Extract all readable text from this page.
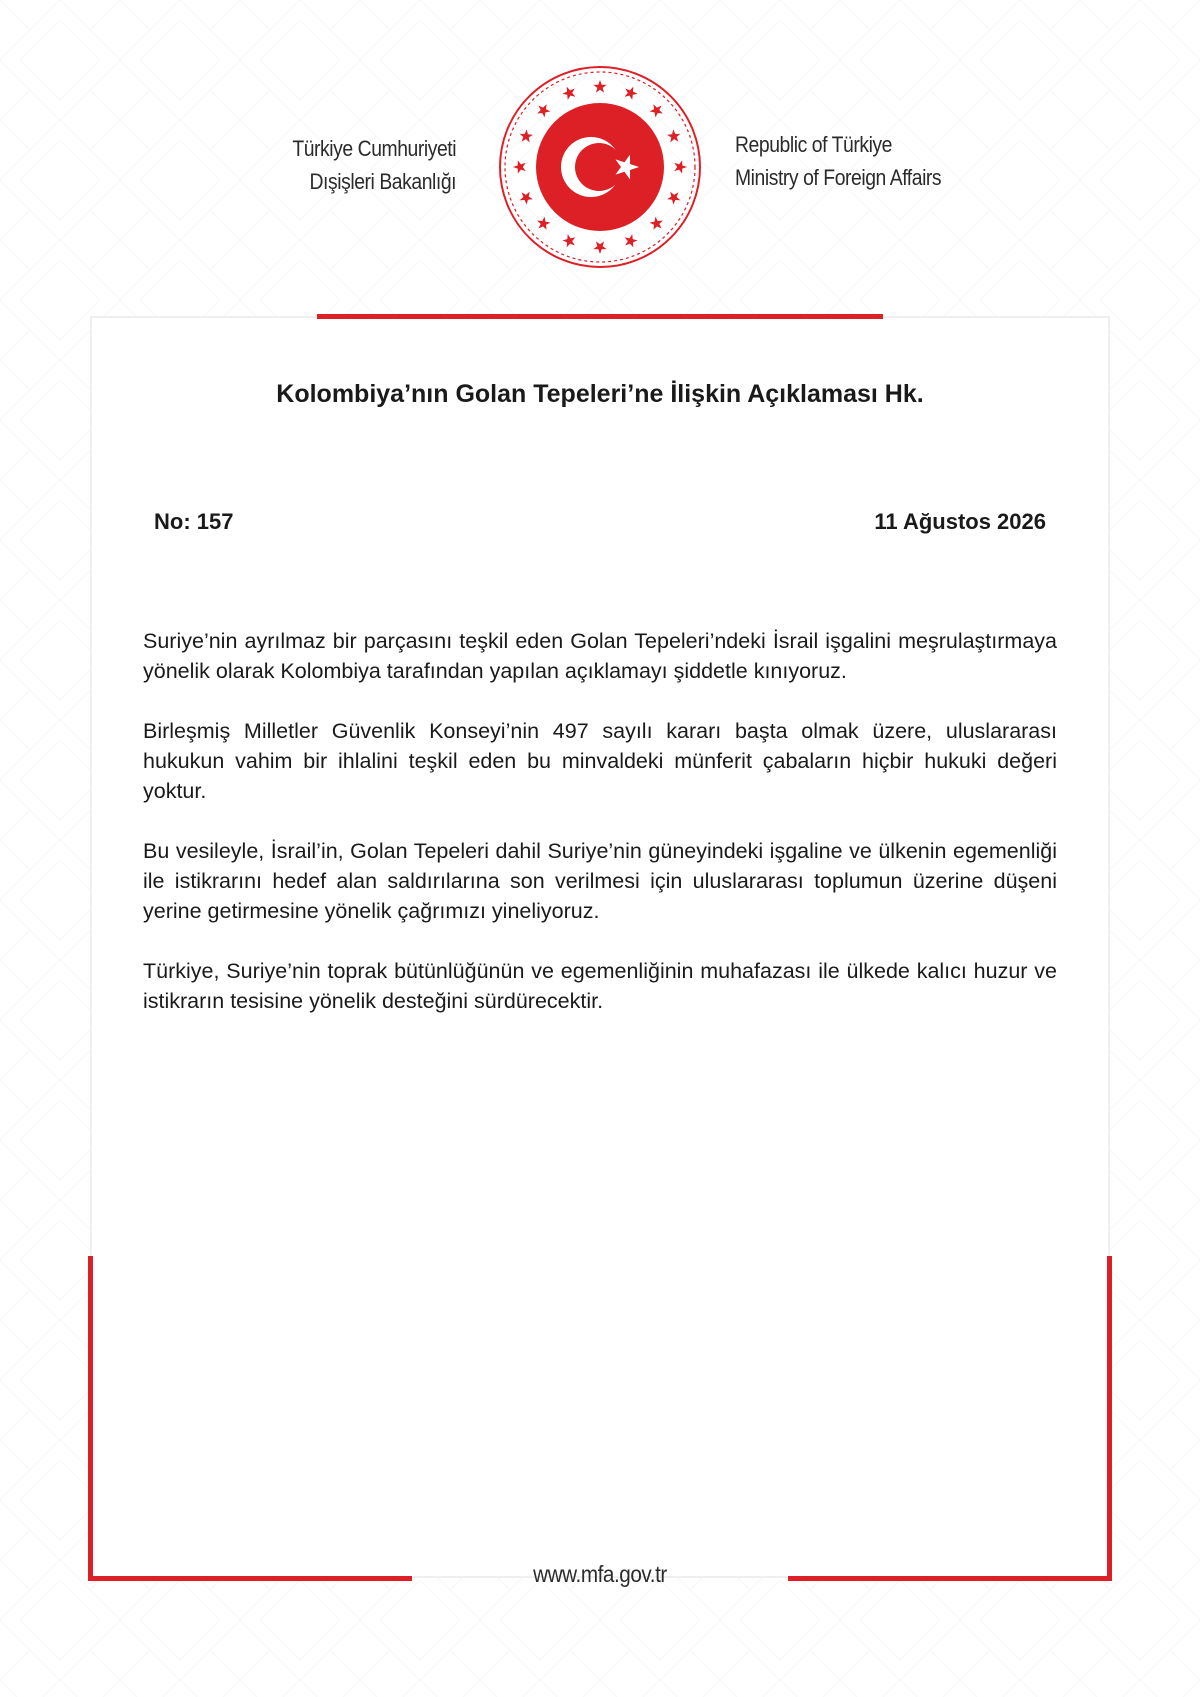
Türkiye Cumhuriyeti
Dışişleri Bakanlığı
Republic of Türkiye
Ministry of Foreign Affairs
Kolombiya’nın Golan Tepeleri’ne İlişkin Açıklaması Hk.
No: 157	11 Ağustos 2026

Suriye’nin ayrılmaz bir parçasını teşkil eden Golan Tepeleri’ndeki İsrail işgalini meşrulaştırmaya yönelik olarak Kolombiya tarafından yapılan açıklamayı şiddetle kınıyoruz.

Birleşmiş Milletler Güvenlik Konseyi’nin 497 sayılı kararı başta olmak üzere, uluslararası hukukun vahim bir ihlalini teşkil eden bu minvaldeki münferit çabaların hiçbir hukuki değeri yoktur.

Bu vesileyle, İsrail’in, Golan Tepeleri dahil Suriye’nin güneyindeki işgaline ve ülkenin egemenliği ile istikrarını hedef alan saldırılarına son verilmesi için uluslararası toplumun üzerine düşeni yerine getirmesine yönelik çağrımızı yineliyoruz.

Türkiye, Suriye’nin toprak bütünlüğünün ve egemenliğinin muhafazası ile ülkede kalıcı huzur ve istikrarın tesisine yönelik desteğini sürdürecektir.

www.mfa.gov.tr
